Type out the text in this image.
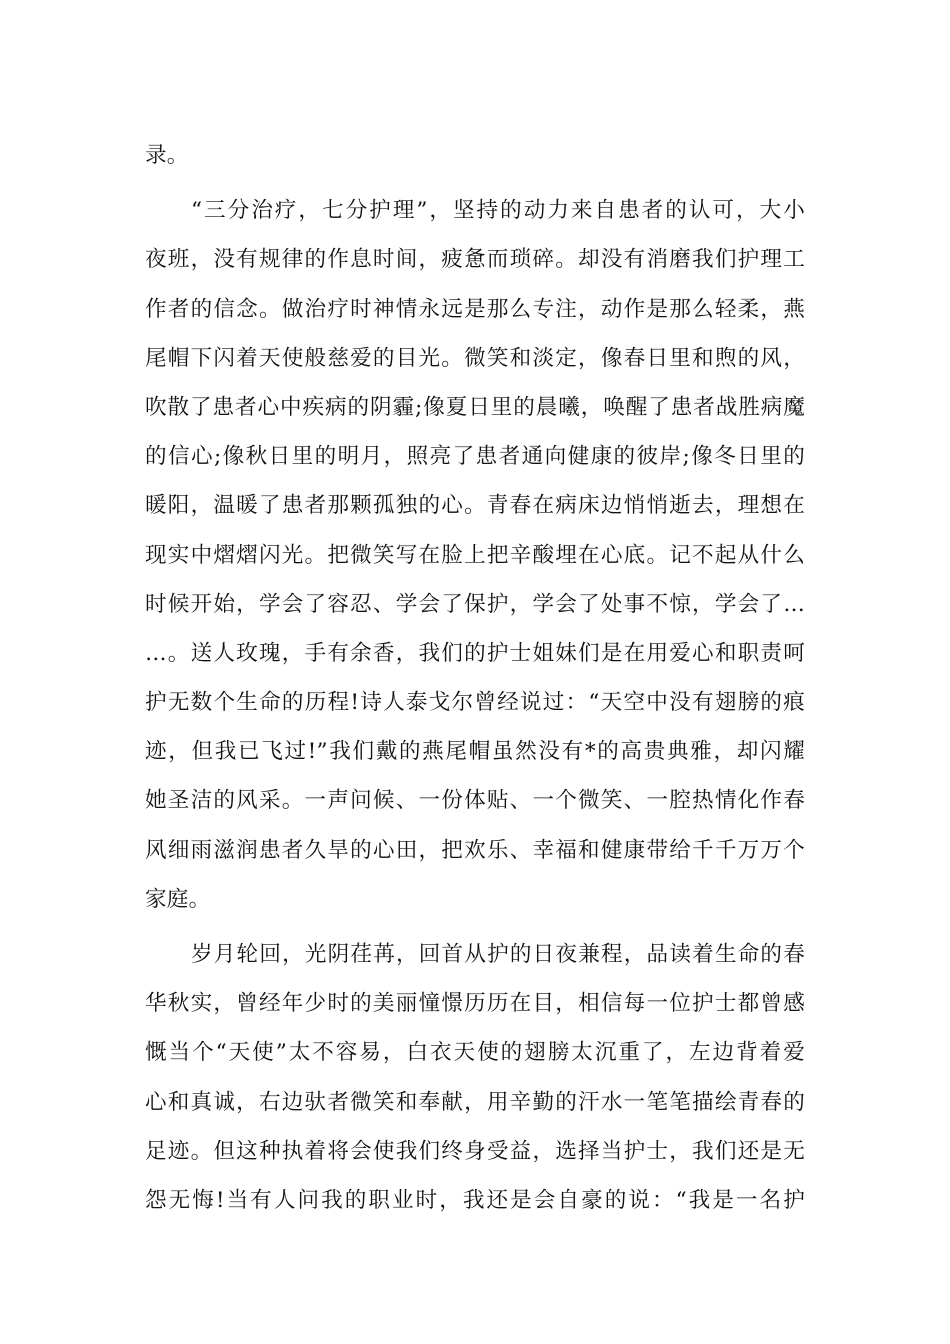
录。
“三分治疗，七分护理”，坚持的动力来自患者的认可，大小
夜班，没有规律的作息时间，疲惫而琐碎。却没有消磨我们护理工
作者的信念。做治疗时神情永远是那么专注，动作是那么轻柔，燕
尾帽下闪着天使般慈爱的目光。微笑和淡定，像春日里和煦的风，
吹散了患者心中疾病的阴霾;像夏日里的晨曦，唤醒了患者战胜病魔
的信心;像秋日里的明月，照亮了患者通向健康的彼岸;像冬日里的
暖阳，温暖了患者那颗孤独的心。青春在病床边悄悄逝去，理想在
现实中熠熠闪光。把微笑写在脸上把辛酸埋在心底。记不起从什么
时候开始，学会了容忍、学会了保护，学会了处事不惊，学会了…
…。送人玫瑰，手有余香，我们的护士姐妹们是在用爱心和职责呵
护无数个生命的历程!诗人泰戈尔曾经说过：“天空中没有翅膀的痕
迹，但我已飞过!”我们戴的燕尾帽虽然没有*的高贵典雅，却闪耀
她圣洁的风采。一声问候、一份体贴、一个微笑、一腔热情化作春
风细雨滋润患者久旱的心田，把欢乐、幸福和健康带给千千万万个
家庭。
岁月轮回，光阴荏苒，回首从护的日夜兼程，品读着生命的春
华秋实，曾经年少时的美丽憧憬历历在目，相信每一位护士都曾感
慨当个“天使”太不容易，白衣天使的翅膀太沉重了，左边背着爱
心和真诚，右边驮者微笑和奉献，用辛勤的汗水一笔笔描绘青春的
足迹。但这种执着将会使我们终身受益，选择当护士，我们还是无
怨无悔!当有人问我的职业时，我还是会自豪的说：“我是一名护
